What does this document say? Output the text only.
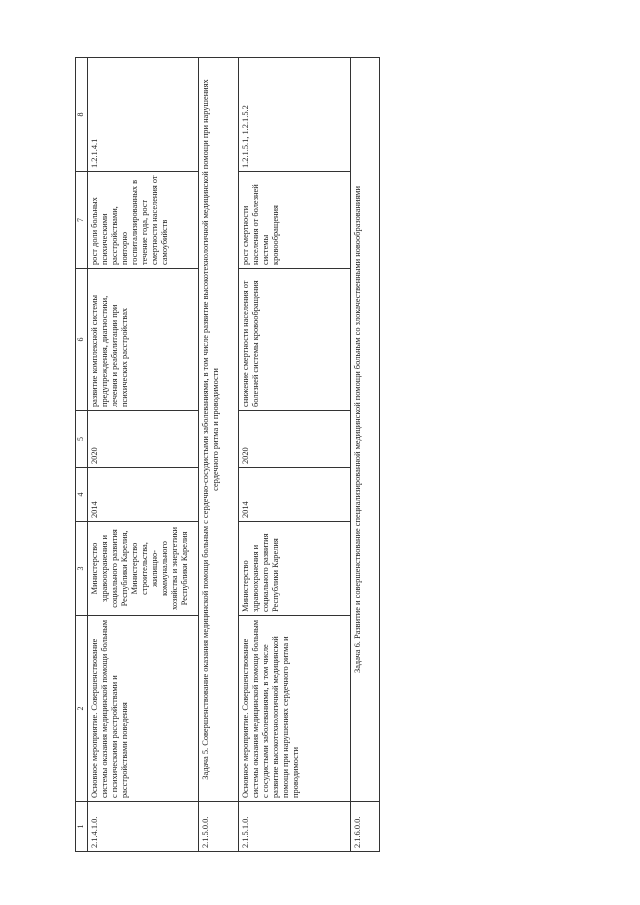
1	2	3	4	5	6	7	8
2.1.4.1.0.	Основное мероприятие. Совершенствование системы оказания медицинской помощи больным с психическими расстройствами и расстройствами поведения	Министерство здравоохранения и социального развития Республики Карелия, Министерство строительства, жилищно-коммунального хозяйства и энергетики Республики Карелия	2014	2020	развитие комплексной системы предупреждения, диагностики, лечения и реабилитации при психических расстройствах	рост доли больных психическими расстройствами, повторно госпитализированных в течение года, рост смертности населения от самоубийств	1.2.1.4.1
2.1.5.0.0.	Задача 5. Совершенствование оказания медицинской помощи больным с сердечно-сосудистыми заболеваниями, в том числе развитие высокотехнологичной медицинской помощи при нарушениях сердечного ритма и проводимости						
2.1.5.1.0.	Основное мероприятие. Совершенствование системы оказания медицинской помощи больным с сосудистыми заболеваниями, в том числе развитие высокотехнологичной медицинской помощи при нарушениях сердечного ритма и проводимости	Министерство здравоохранения и социального развития Республики Карелия	2014	2020	снижение смертности населения от болезней системы кровообращения	рост смертности населения от болезней системы кровообращения	1.2.1.5.1, 1.2.1.5.2
2.1.6.0.0.	Задача 6. Развитие и совершенствование специализированной медицинской помощи больным со злокачественными новообразованиями						
